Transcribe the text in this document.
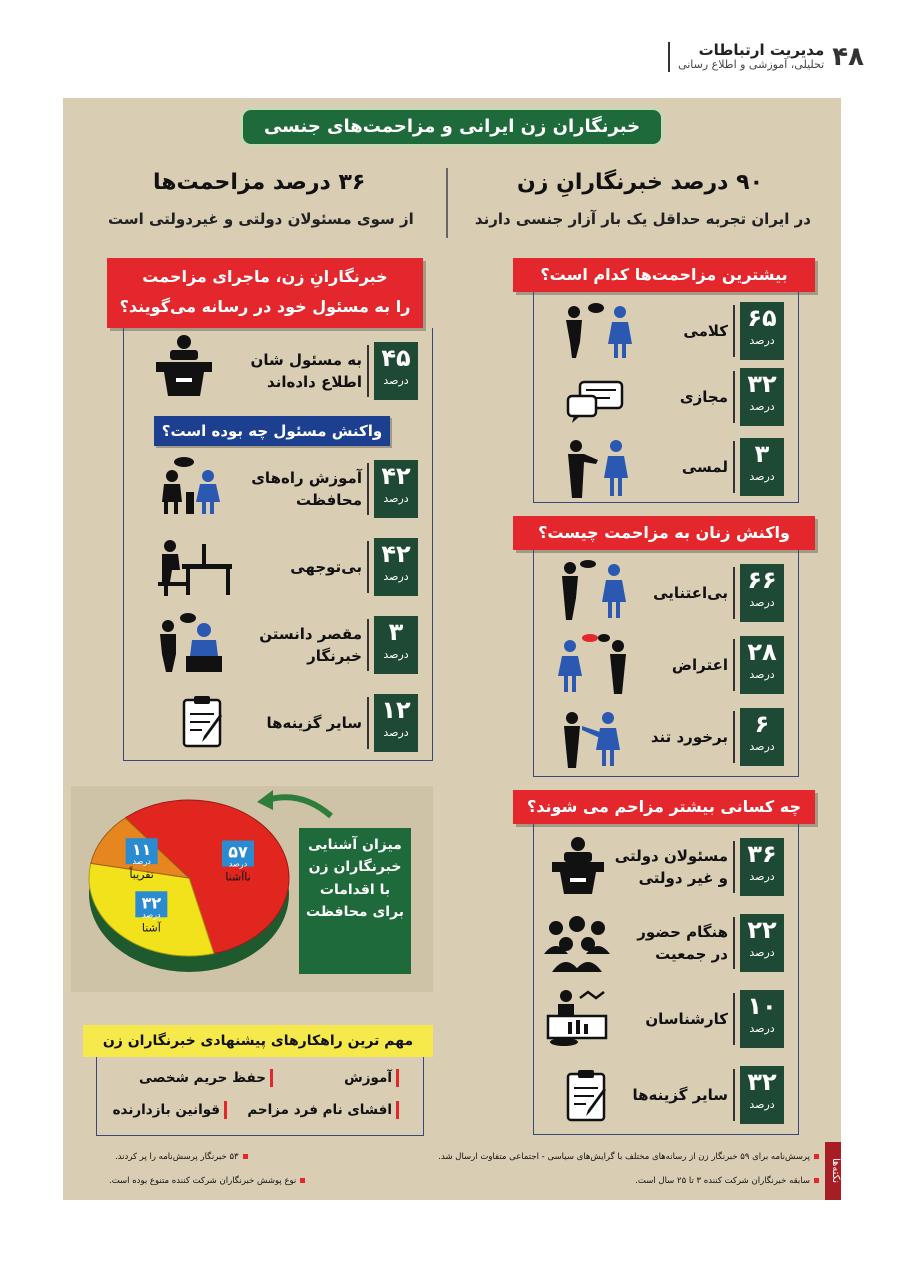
۴۸
مدیریت ارتباطات
تحلیلی، آموزشی و اطلاع رسانی
نکته‌ها
خبرنگاران زن ایرانی و مزاحمت‌های جنسی
۹۰ درصد خبرنگارانِ زن
در ایران تجربه حداقل یک بار آزار جنسی دارند
۳۶ درصد مزاحمت‌ها
از سوی مسئولان دولتی و غیردولتی است
بیشترین مزاحمت‌ها کدام است؟
۶۵
درصد
کلامی
۳۲
درصد
مجازی
۳
درصد
لمسی
واکنش زنان به مزاحمت چیست؟
۶۶
درصد
بی‌اعتنایی
۲۸
درصد
اعتراض
۶
درصد
برخورد تند
چه کسانی بیشتر مزاحم می شوند؟
۳۶
درصد
مسئولان دولتی
و غیر دولتی
۲۲
درصد
هنگام حضور
در جمعیت
۱۰
درصد
کارشناسان
۳۲
درصد
سایر گزینه‌ها
خبرنگارانِ زن، ماجرای مزاحمت
را به مسئول خود در رسانه می‌گویند؟
۴۵
درصد
به مسئول شان
اطلاع داده‌اند
واکنش مسئول چه بوده است؟
۴۲
درصد
آموزش راه‌های
محافظت
۴۲
درصد
بی‌توجهی
۳
درصد
مقصر دانستن
خبرنگار
۱۲
درصد
سایر گزینه‌ها
۵۷
درصد
ناآشنا
۳۲
درصد
آشنا
۱۱
درصد
تقریباً
میزان آشنایی
خبرنگاران زن
با اقدامات
برای محافظت
مهم ترین راهکارهای پیشنهادی خبرنگاران زن
آموزش
حفظ حریم شخصی
افشای نام فرد مزاحم
قوانین بازدارنده
پرسش‌نامه برای ۵۹ خبرنگار زن از رسانه‌های مختلف با گرایش‌های سیاسی - اجتماعی متفاوت ارسال شد.
۵۳ خبرنگار پرسش‌نامه را پر کردند.
سابقه خبرنگاران شرکت کننده ۳ تا ۲۵ سال است.
نوع پوشش خبرنگاران شرکت کننده متنوع بوده است.
